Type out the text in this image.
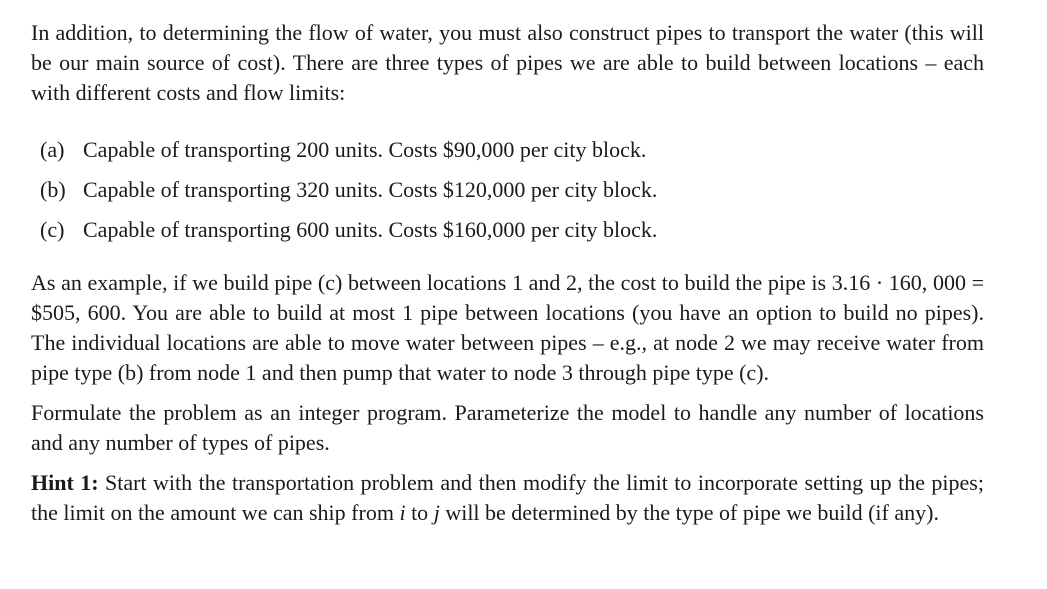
In addition, to determining the flow of water, you must also construct pipes to transport the water (this will be our main source of cost). There are three types of pipes we are able to build between locations – each with different costs and flow limits:

(a) Capable of transporting 200 units. Costs $90,000 per city block.
(b) Capable of transporting 320 units. Costs $120,000 per city block.
(c) Capable of transporting 600 units. Costs $160,000 per city block.

As an example, if we build pipe (c) between locations 1 and 2, the cost to build the pipe is 3.16 · 160, 000 = $505, 600. You are able to build at most 1 pipe between locations (you have an option to build no pipes). The individual locations are able to move water between pipes – e.g., at node 2 we may receive water from pipe type (b) from node 1 and then pump that water to node 3 through pipe type (c).

Formulate the problem as an integer program. Parameterize the model to handle any number of locations and any number of types of pipes.

Hint 1: Start with the transportation problem and then modify the limit to incorporate setting up the pipes; the limit on the amount we can ship from i to j will be determined by the type of pipe we build (if any).
